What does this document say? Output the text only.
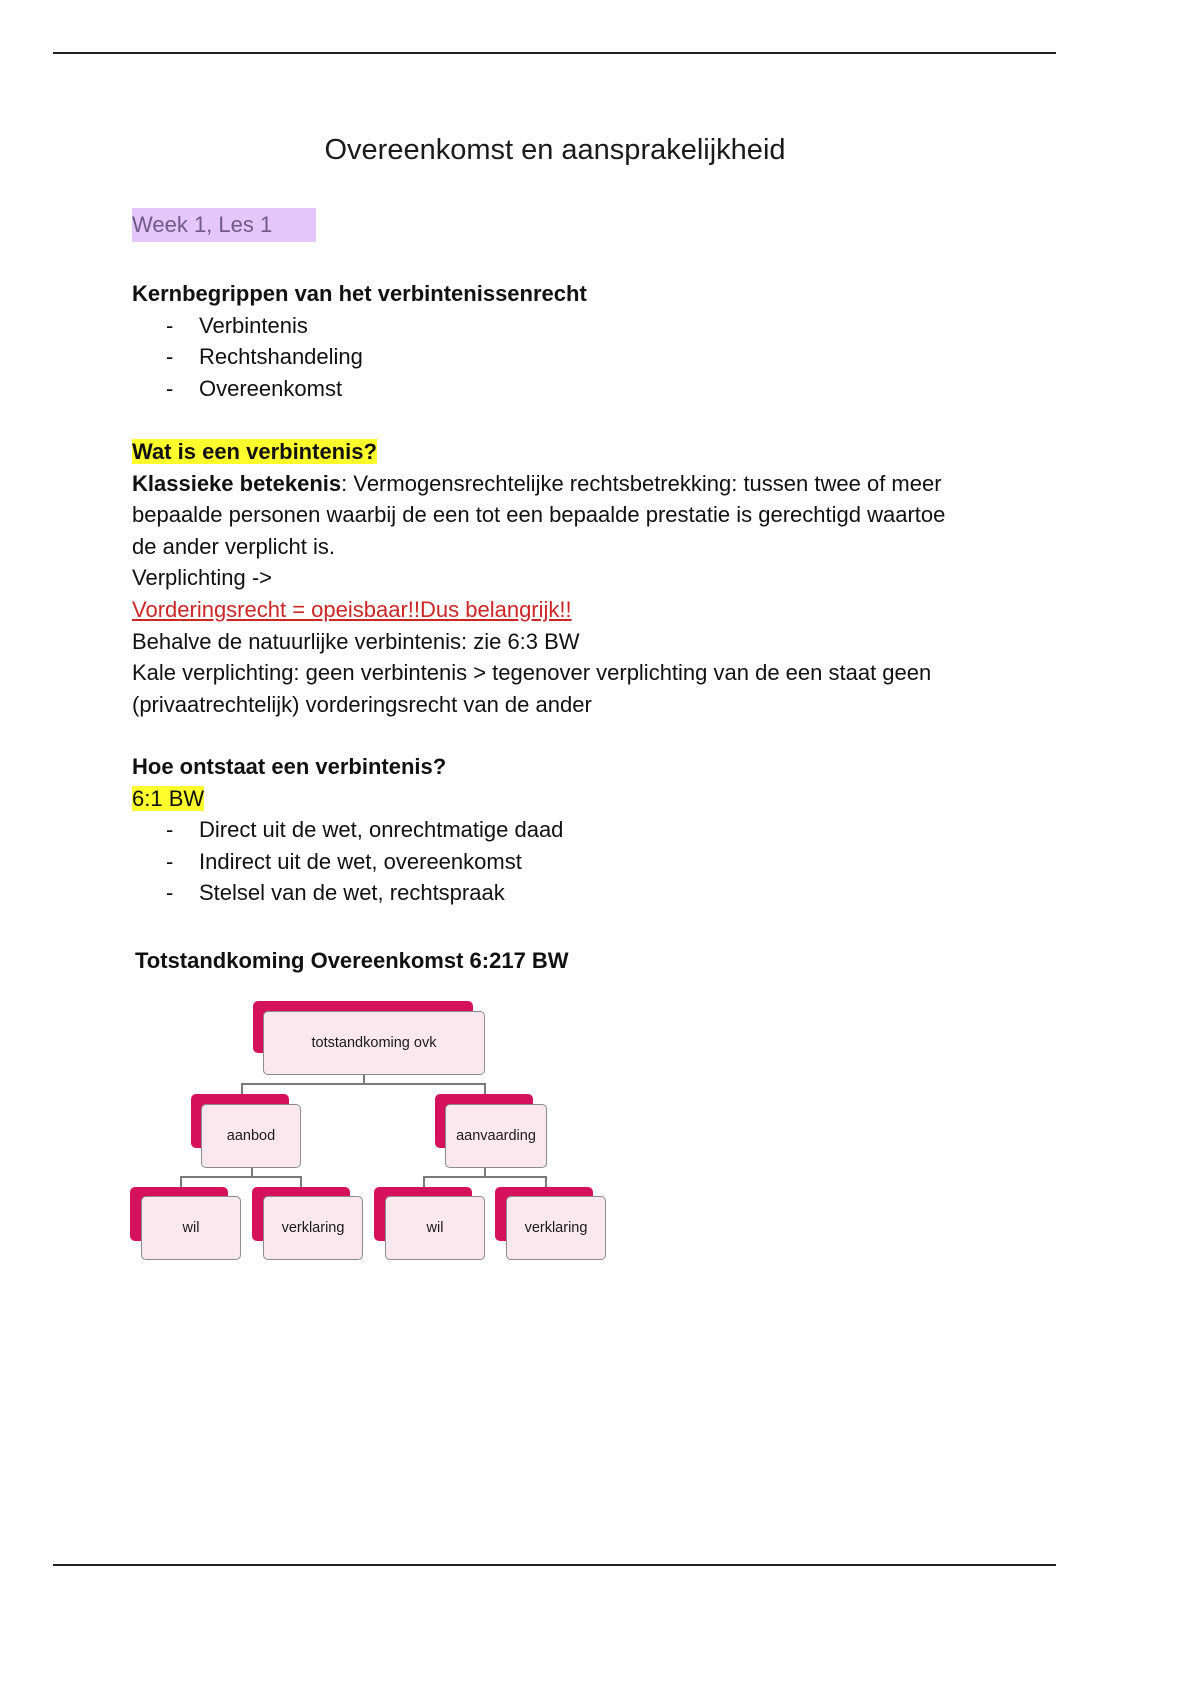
Overeenkomst en aansprakelijkheid
Week 1, Les 1
Kernbegrippen van het verbintenissenrecht
- Verbintenis
- Rechtshandeling
- Overeenkomst
Wat is een verbintenis?
Klassieke betekenis: Vermogensrechtelijke rechtsbetrekking: tussen twee of meer bepaalde personen waarbij de een tot een bepaalde prestatie is gerechtigd waartoe de ander verplicht is.
Verplichting ->
Vorderingsrecht = opeisbaar!!Dus belangrijk!!
Behalve de natuurlijke verbintenis: zie 6:3 BW
Kale verplichting: geen verbintenis > tegenover verplichting van de een staat geen (privaatrechtelijk) vorderingsrecht van de ander
Hoe ontstaat een verbintenis?
6:1 BW
- Direct uit de wet, onrechtmatige daad
- Indirect uit de wet, overeenkomst
- Stelsel van de wet, rechtspraak
Totstandkoming Overeenkomst 6:217 BW
totstandkoming ovk
aanbod	aanvaarding
wil	verklaring	wil	verklaring
